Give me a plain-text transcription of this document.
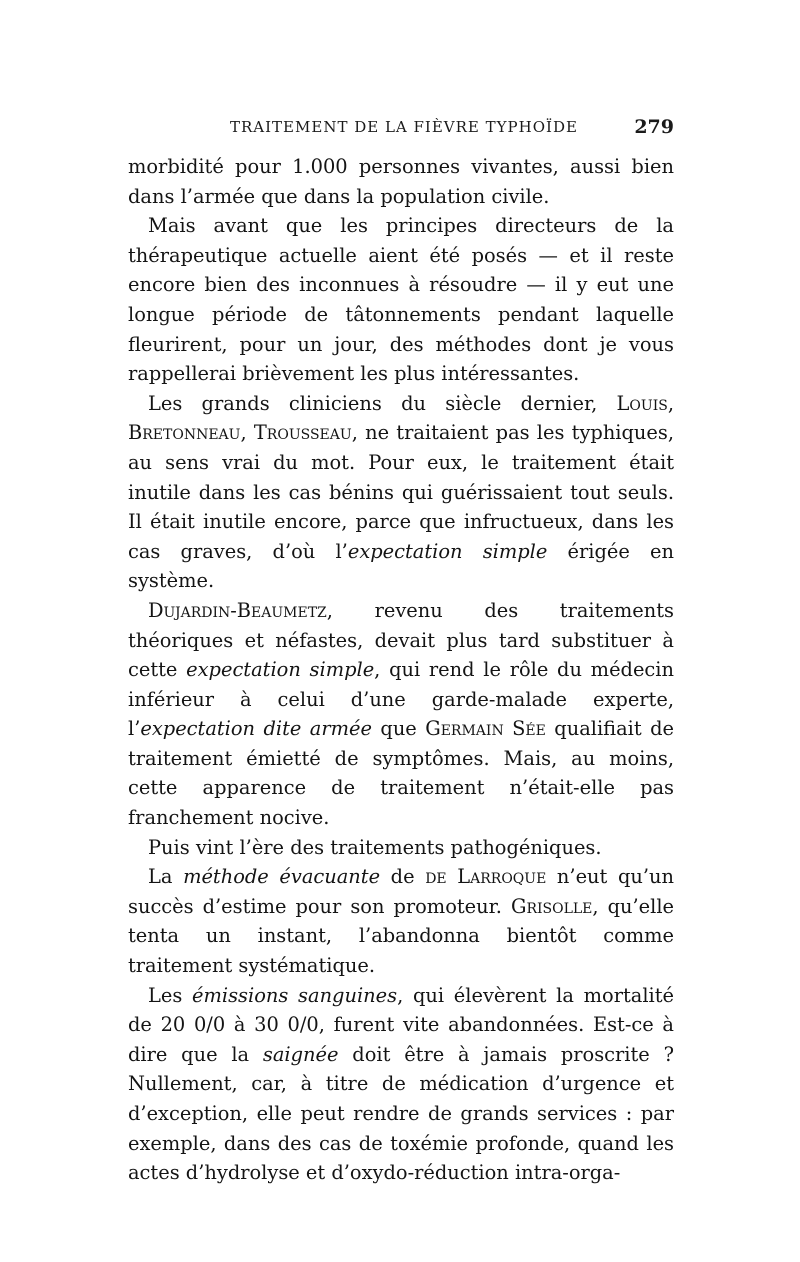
TRAITEMENT DE LA FIÈVRE TYPHOÏDE	279

morbidité pour 1.000 personnes vivantes, aussi bien dans l’armée que dans la population civile.

Mais avant que les principes directeurs de la thérapeutique actuelle aient été posés — et il reste encore bien des inconnues à résoudre — il y eut une longue période de tâtonnements pendant laquelle fleurirent, pour un jour, des méthodes dont je vous rappellerai brièvement les plus intéressantes.

Les grands cliniciens du siècle dernier, Louis, Bretonneau, Trousseau, ne traitaient pas les typhiques, au sens vrai du mot. Pour eux, le traitement était inutile dans les cas bénins qui guérissaient tout seuls. Il était inutile encore, parce que infructueux, dans les cas graves, d’où l’expectation simple érigée en système.

Dujardin-Beaumetz, revenu des traitements théoriques et néfastes, devait plus tard substituer à cette expectation simple, qui rend le rôle du médecin inférieur à celui d’une garde-malade experte, l’expectation dite armée que Germain Sée qualifiait de traitement émietté de symptômes. Mais, au moins, cette apparence de traitement n’était-elle pas franchement nocive.

Puis vint l’ère des traitements pathogéniques.

La méthode évacuante de de Larroque n’eut qu’un succès d’estime pour son promoteur. Grisolle, qu’elle tenta un instant, l’abandonna bientôt comme traitement systématique.

Les émissions sanguines, qui élevèrent la mortalité de 20 0/0 à 30 0/0, furent vite abandonnées. Est-ce à dire que la saignée doit être à jamais proscrite ? Nullement, car, à titre de médication d’urgence et d’exception, elle peut rendre de grands services : par exemple, dans des cas de toxémie profonde, quand les actes d’hydrolyse et d’oxydo-réduction intra-orga-
